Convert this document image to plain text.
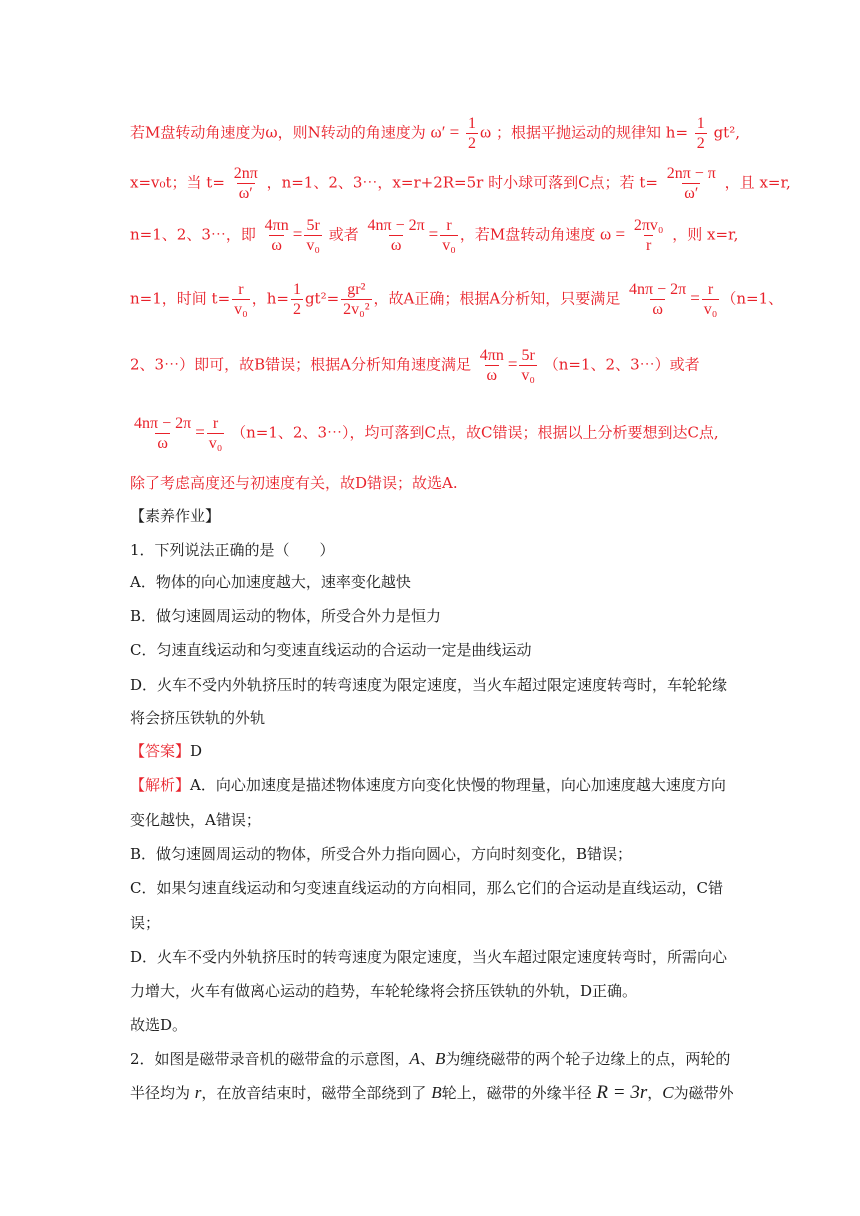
若M盘转动角速度为ω，则N转动的角速度为 $\omega' = \frac{1}{2}$ ω ；根据平抛运动的规律知 $h= \frac{1}{2} gt^2$,
x=v₀t；当 $t= \frac{2n\pi}{\omega'}$ ，n=1、2、3⋯，x=r+2R=5r 时小球可落到C点；若 $t= \frac{2n\pi - \pi}{\omega'}$ ，且 x=r,
n=1、2、3⋯，即 $\frac{4\pi n}{\omega} = \frac{5r}{\text{v₀}}$ 或者 $\frac{4n\pi - 2\pi}{\omega} = \frac{r}{\text{v₀}}$ ，若M盘转动角速度 $\omega = \frac{\text{2πv₀}}{r}$ ，则 x=r,
n=1，时间 $t= \frac{r}{\text{v₀}}$ ，$h= \frac{1}{2} gt^2= \frac{\text{gr²}}{\text{2v₀²}}$ ，故A正确；根据A分析知，只要满足 $\frac{4n\pi - 2\pi}{\omega} = \frac{r}{\text{v₀}} (n=1$、
2、3⋯）即可，故B错误；根据A分析知角速度满足 $\frac{4\pi n}{\omega} = \frac{5r}{\text{v₀}} (n=1$、2、3⋯）或者
$\frac{4n\pi - 2\pi}{\omega} = \frac{r}{\text{v₀}} (n=1$、2、3⋯），均可落到C点，故C错误；根据以上分析要想到达C点,
除了考虑高度还与初速度有关，故D错误；故选A.
【素养作业】
1．下列说法正确的是（　　）
A．物体的向心加速度越大，速率变化越快
B．做匀速圆周运动的物体，所受合外力是恒力
C．匀速直线运动和匀变速直线运动的合运动一定是曲线运动
D．火车不受内外轨挤压时的转弯速度为限定速度，当火车超过限定速度转弯时，车轮轮缘
将会挤压铁轨的外轨
【答案】D
【解析】A．向心加速度是描述物体速度方向变化快慢的物理量，向心加速度越大速度方向
变化越快，A错误；
B．做匀速圆周运动的物体，所受合外力指向圆心，方向时刻变化，B错误；
C．如果匀速直线运动和匀变速直线运动的方向相同，那么它们的合运动是直线运动，C错
误；
D．火车不受内外轨挤压时的转弯速度为限定速度，当火车超过限定速度转弯时，所需向心
力增大，火车有做离心运动的趋势，车轮轮缘将会挤压铁轨的外轨，D正确。
故选D。
2．如图是磁带录音机的磁带盒的示意图，A、B为缠绕磁带的两个轮子边缘上的点，两轮的
半径均为 r，在放音结束时，磁带全部绕到了 B轮上，磁带的外缘半径 R = 3r，C为磁带外
